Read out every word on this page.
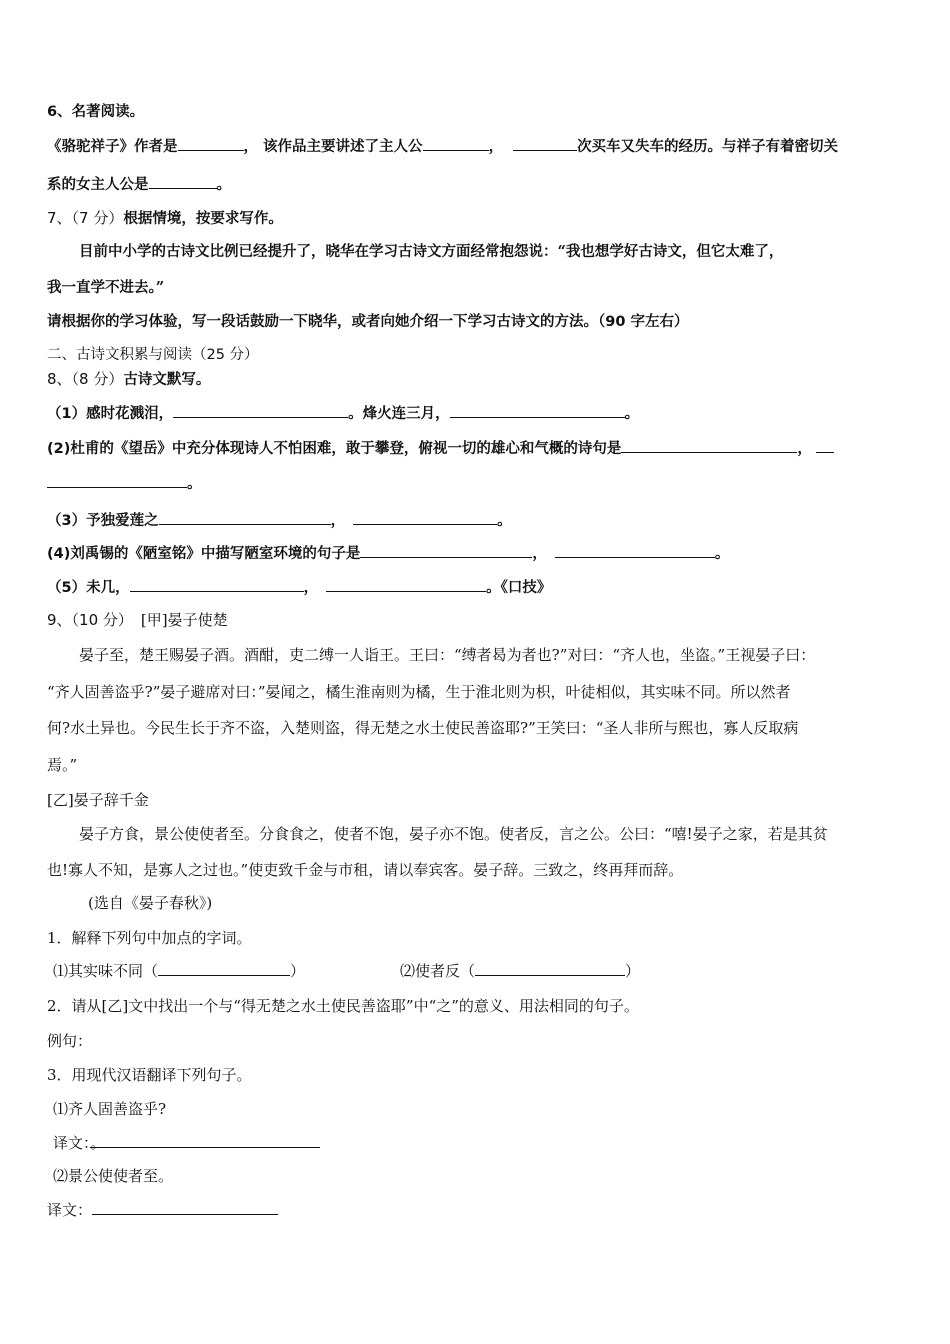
6、名著阅读。
《骆驼祥子》作者是	， 该作品主要讲述了主人公	，	次买车又失车的经历。与祥子有着密切关
系的女主人公是	。
7、（7 分）根据情境，按要求写作。
目前中小学的古诗文比例已经提升了，晓华在学习古诗文方面经常抱怨说：“我也想学好古诗文，但它太难了，
我一直学不进去。”
请根据你的学习体验，写一段话鼓励一下晓华，或者向她介绍一下学习古诗文的方法。（90 字左右）
二、古诗文积累与阅读（25 分）
8、（8 分）古诗文默写。
（1）感时花溅泪，	。烽火连三月，	。
(2)杜甫的《望岳》中充分体现诗人不怕困难，敢于攀登，俯视一切的雄心和气概的诗句是	，
。
（3）予独爱莲之	，	。
(4)刘禹锡的《陋室铭》中描写陋室环境的句子是	，	。
（5）未几，	，	。《口技》
9、（10 分） [甲]晏子使楚
晏子至，楚王赐晏子酒。酒酣，吏二缚一人诣王。王曰：“缚者曷为者也?”对曰：“齐人也，坐盗。”王视晏子曰：
“齐人固善盗乎?”晏子避席对曰：”晏闻之，橘生淮南则为橘，生于淮北则为枳，叶徒相似，其实味不同。所以然者
何?水土异也。今民生长于齐不盗，入楚则盗，得无楚之水土使民善盗耶?”王笑曰：“圣人非所与熙也，寡人反取病
焉。”
[乙]晏子辞千金
晏子方食，景公使使者至。分食食之，使者不饱，晏子亦不饱。使者反，言之公。公曰：“嘻!晏子之家，若是其贫
也!寡人不知，是寡人之过也。”使吏致千金与市租，请以奉宾客。晏子辞。三致之，终再拜而辞。
(选自《晏子春秋》)
1．解释下列句中加点的字词。
⑴其实味不同（	）	⑵使者反（	）
2．请从[乙]文中找出一个与“得无楚之水土使民善盗耶”中“之”的意义、用法相同的句子。
例句：
3．用现代汉语翻译下列句子。
⑴齐人固善盗乎?
译文：。
⑵景公使使者至。
译文：
